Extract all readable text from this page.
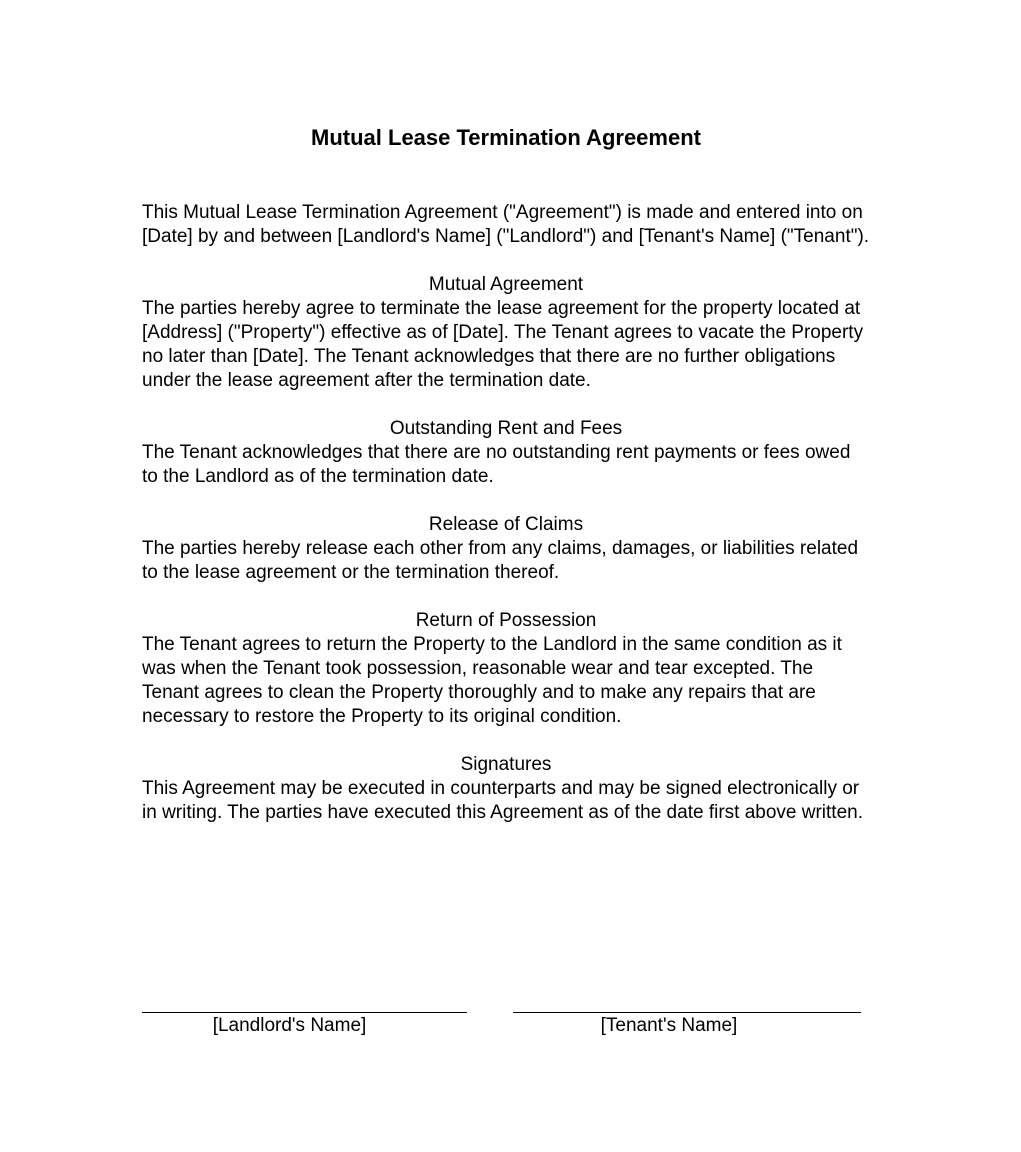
Mutual Lease Termination Agreement

This Mutual Lease Termination Agreement ("Agreement") is made and entered into on [Date] by and between [Landlord's Name] ("Landlord") and [Tenant's Name] ("Tenant").

Mutual Agreement

The parties hereby agree to terminate the lease agreement for the property located at [Address] ("Property") effective as of [Date]. The Tenant agrees to vacate the Property no later than [Date]. The Tenant acknowledges that there are no further obligations under the lease agreement after the termination date.

Outstanding Rent and Fees

The Tenant acknowledges that there are no outstanding rent payments or fees owed to the Landlord as of the termination date.

Release of Claims

The parties hereby release each other from any claims, damages, or liabilities related to the lease agreement or the termination thereof.

Return of Possession

The Tenant agrees to return the Property to the Landlord in the same condition as it was when the Tenant took possession, reasonable wear and tear excepted. The Tenant agrees to clean the Property thoroughly and to make any repairs that are necessary to restore the Property to its original condition.

Signatures

This Agreement may be executed in counterparts and may be signed electronically or in writing. The parties have executed this Agreement as of the date first above written.

[Landlord's Name]	[Tenant's Name]
